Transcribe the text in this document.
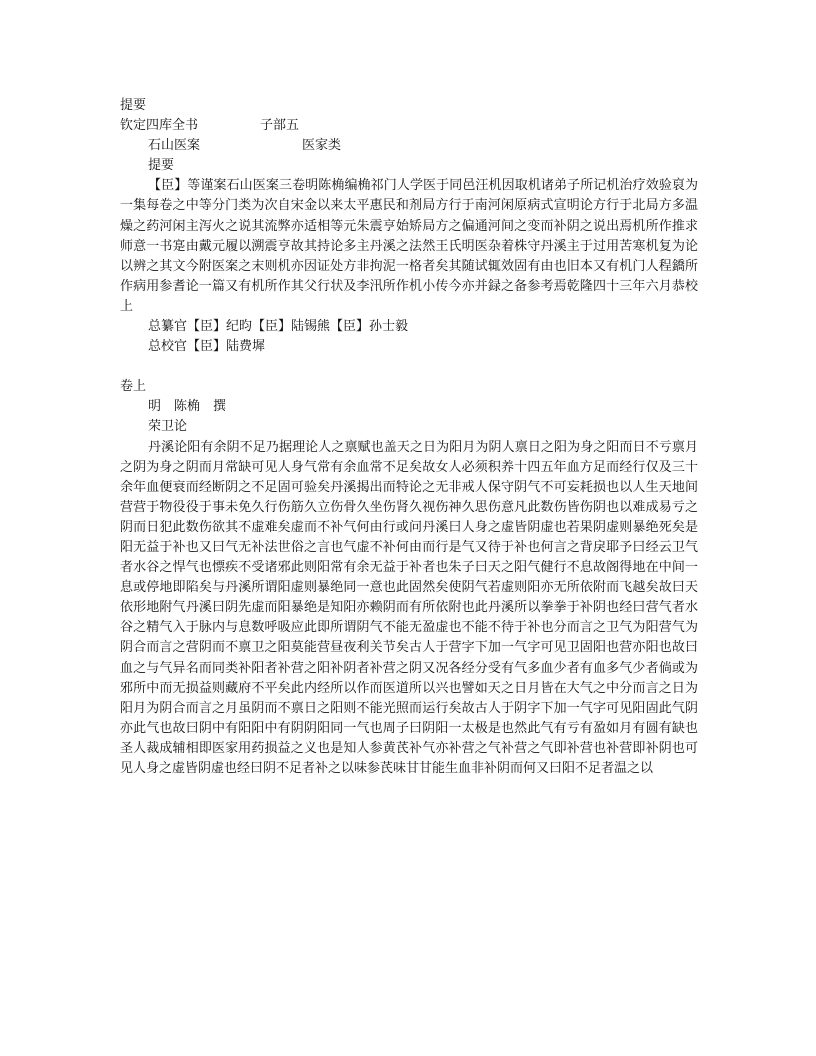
提要
钦定四库全书	子部五
石山医案	医家类
提要
【臣】等谨案石山医案三卷明陈桷编桷祁门人学医于同邑汪机因取机诸弟子所记机治疗效验裒为一集每卷之中等分门类为次自宋金以来太平惠民和剂局方行于南河闲原病式宣明论方行于北局方多温燥之药河闲主泻火之说其流弊亦适相等元朱震亨始矫局方之偏通河间之变而补阴之说出焉机所作推求师意一书寔由戴元履以溯震亨故其持论多主丹溪之法然王氏明医杂着株守丹溪主于过用苦寒机复为论以辨之其文今附医案之末则机亦因证处方非拘泥一格者矣其随试辄效固有由也旧本又有机门人程鐈所作病用参耆论一篇又有机所作其父行状及李汛所作机小传今亦并録之备参考焉乾隆四十三年六月恭校上
总纂官【臣】纪昀【臣】陆锡熊【臣】孙士毅
总校官【臣】陆费墀
卷上
明　陈桷　撰
荣卫论
丹溪论阳有余阴不足乃据理论人之禀赋也盖天之日为阳月为阴人禀日之阳为身之阳而日不亏禀月之阴为身之阴而月常缺可见人身气常有余血常不足矣故女人必须积养十四五年血方足而经行仅及三十余年血便衰而经断阴之不足固可验矣丹溪揭出而特论之无非戒人保守阴气不可妄耗损也以人生天地间营营于物役役于事未免久行伤筋久立伤骨久坐伤肾久视伤神久思伤意凡此数伤皆伤阴也以难成易亏之阴而日犯此数伤欲其不虚难矣虚而不补气何由行或问丹溪曰人身之虚皆阴虚也若果阴虚则暴绝死矣是阳无益于补也又曰气无补法世俗之言也气虚不补何由而行是气又待于补也何言之背戾耶予曰经云卫气者水谷之悍气也慓疾不受诸邪此则阳常有余无益于补者也朱子曰天之阳气健行不息故阁得地在中间一息或停地即陷矣与丹溪所谓阳虚则暴绝同一意也此固然矣使阴气若虚则阳亦无所依附而飞越矣故曰天依形地附气丹溪曰阴先虚而阳暴绝是知阳亦赖阴而有所依附也此丹溪所以拳拳于补阴也经曰营气者水谷之精气入于脉内与息数呼吸应此即所谓阴气不能无盈虚也不能不待于补也分而言之卫气为阳营气为阴合而言之营阴而不禀卫之阳莫能营昼夜利关节矣古人于营字下加一气字可见卫固阳也营亦阳也故曰血之与气异名而同类补阳者补营之阳补阴者补营之阴又况各经分受有气多血少者有血多气少者倘或为邪所中而无损益则藏府不平矣此内经所以作而医道所以兴也譬如天之日月皆在大气之中分而言之日为阳月为阴合而言之月虽阴而不禀日之阳则不能光照而运行矣故古人于阴字下加一气字可见阳固此气阴亦此气也故曰阴中有阳阳中有阴阴阳同一气也周子曰阴阳一太极是也然此气有亏有盈如月有圆有缺也圣人裁成辅相即医家用药损益之义也是知人参黄芪补气亦补营之气补营之气即补营也补营即补阴也可见人身之虚皆阴虚也经曰阴不足者补之以味参芪味甘甘能生血非补阴而何又曰阳不足者温之以
